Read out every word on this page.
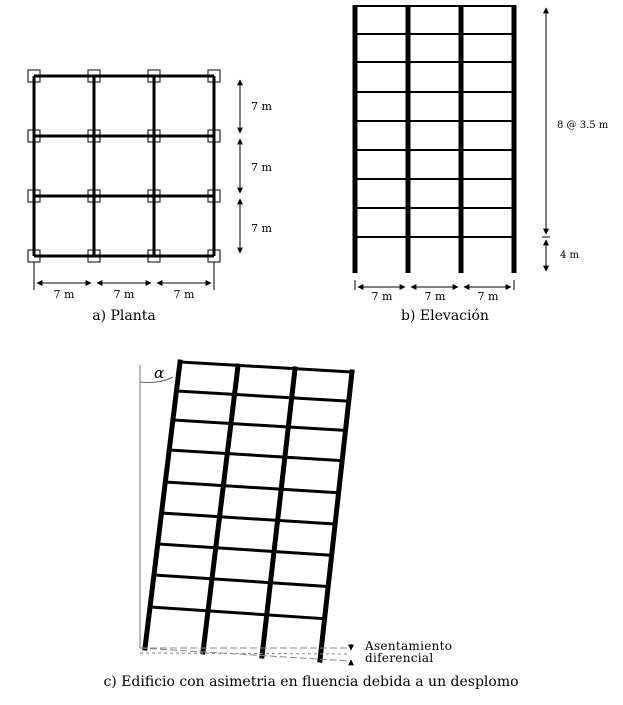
7 m	7 m	7 m
7 m
7 m
7 m
a) Planta
8 @ 3.5 m
4 m
7 m	7 m	7 m
b) Elevación
α
Asentamiento
diferencial
c) Edificio con asimetria en fluencia debida a un desplomo
